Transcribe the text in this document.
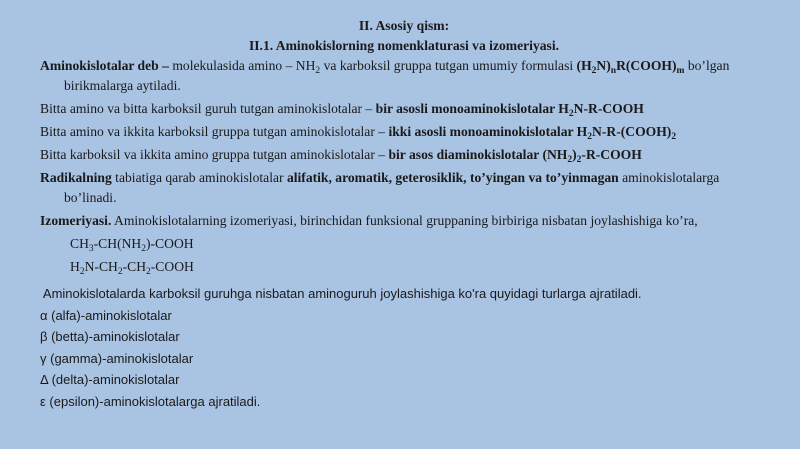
II. Asosiy qism:

II.1. Aminokislorning nomenklaturasi va izomeriyasi.

Aminokislotalar deb – molekulasida amino – $NH_2$ va karboksil gruppa tutgan umumiy formulasi $(H_2N)_nR(COOH)_m$ bo’lgan birikmalarga aytiladi.

Bitta amino va bitta karboksil guruh tutgan aminokislotalar – bir asosli monoaminokislotalar $H_2N-R$-COOH

Bitta amino va ikkita karboksil gruppa tutgan aminokislotalar – ikki asosli monoaminokislotalar $H_2N-R-(COOH)_2$

Bitta karboksil va ikkita amino gruppa tutgan aminokislotalar – bir asos diaminokislotalar $(NH_2)_2-R$-COOH

Radikalning tabiatiga qarab aminokislotalar alifatik, aromatik, geterosiklik, to’yingan va to’yinmagan aminokislotalarga bo’linadi.

Izomeriyasi. Aminokislotalarning izomeriyasi, birinchidan funksional gruppaning birbiriga nisbatan joylashishiga ko’ra,

$CH_3-CH(NH_2)$-COOH

$H_2N-CH_2-CH_2$-COOH

Aminokislotalarda karboksil guruhga nisbatan aminoguruh joylashishiga ko'ra quyidagi turlarga ajratiladi.

α (alfa)-aminokislotalar

β (betta)-aminokislotalar

γ (gamma)-aminokislotalar

Δ (delta)-aminokislotalar

ε (epsilon)-aminokislotalarga ajratiladi.
